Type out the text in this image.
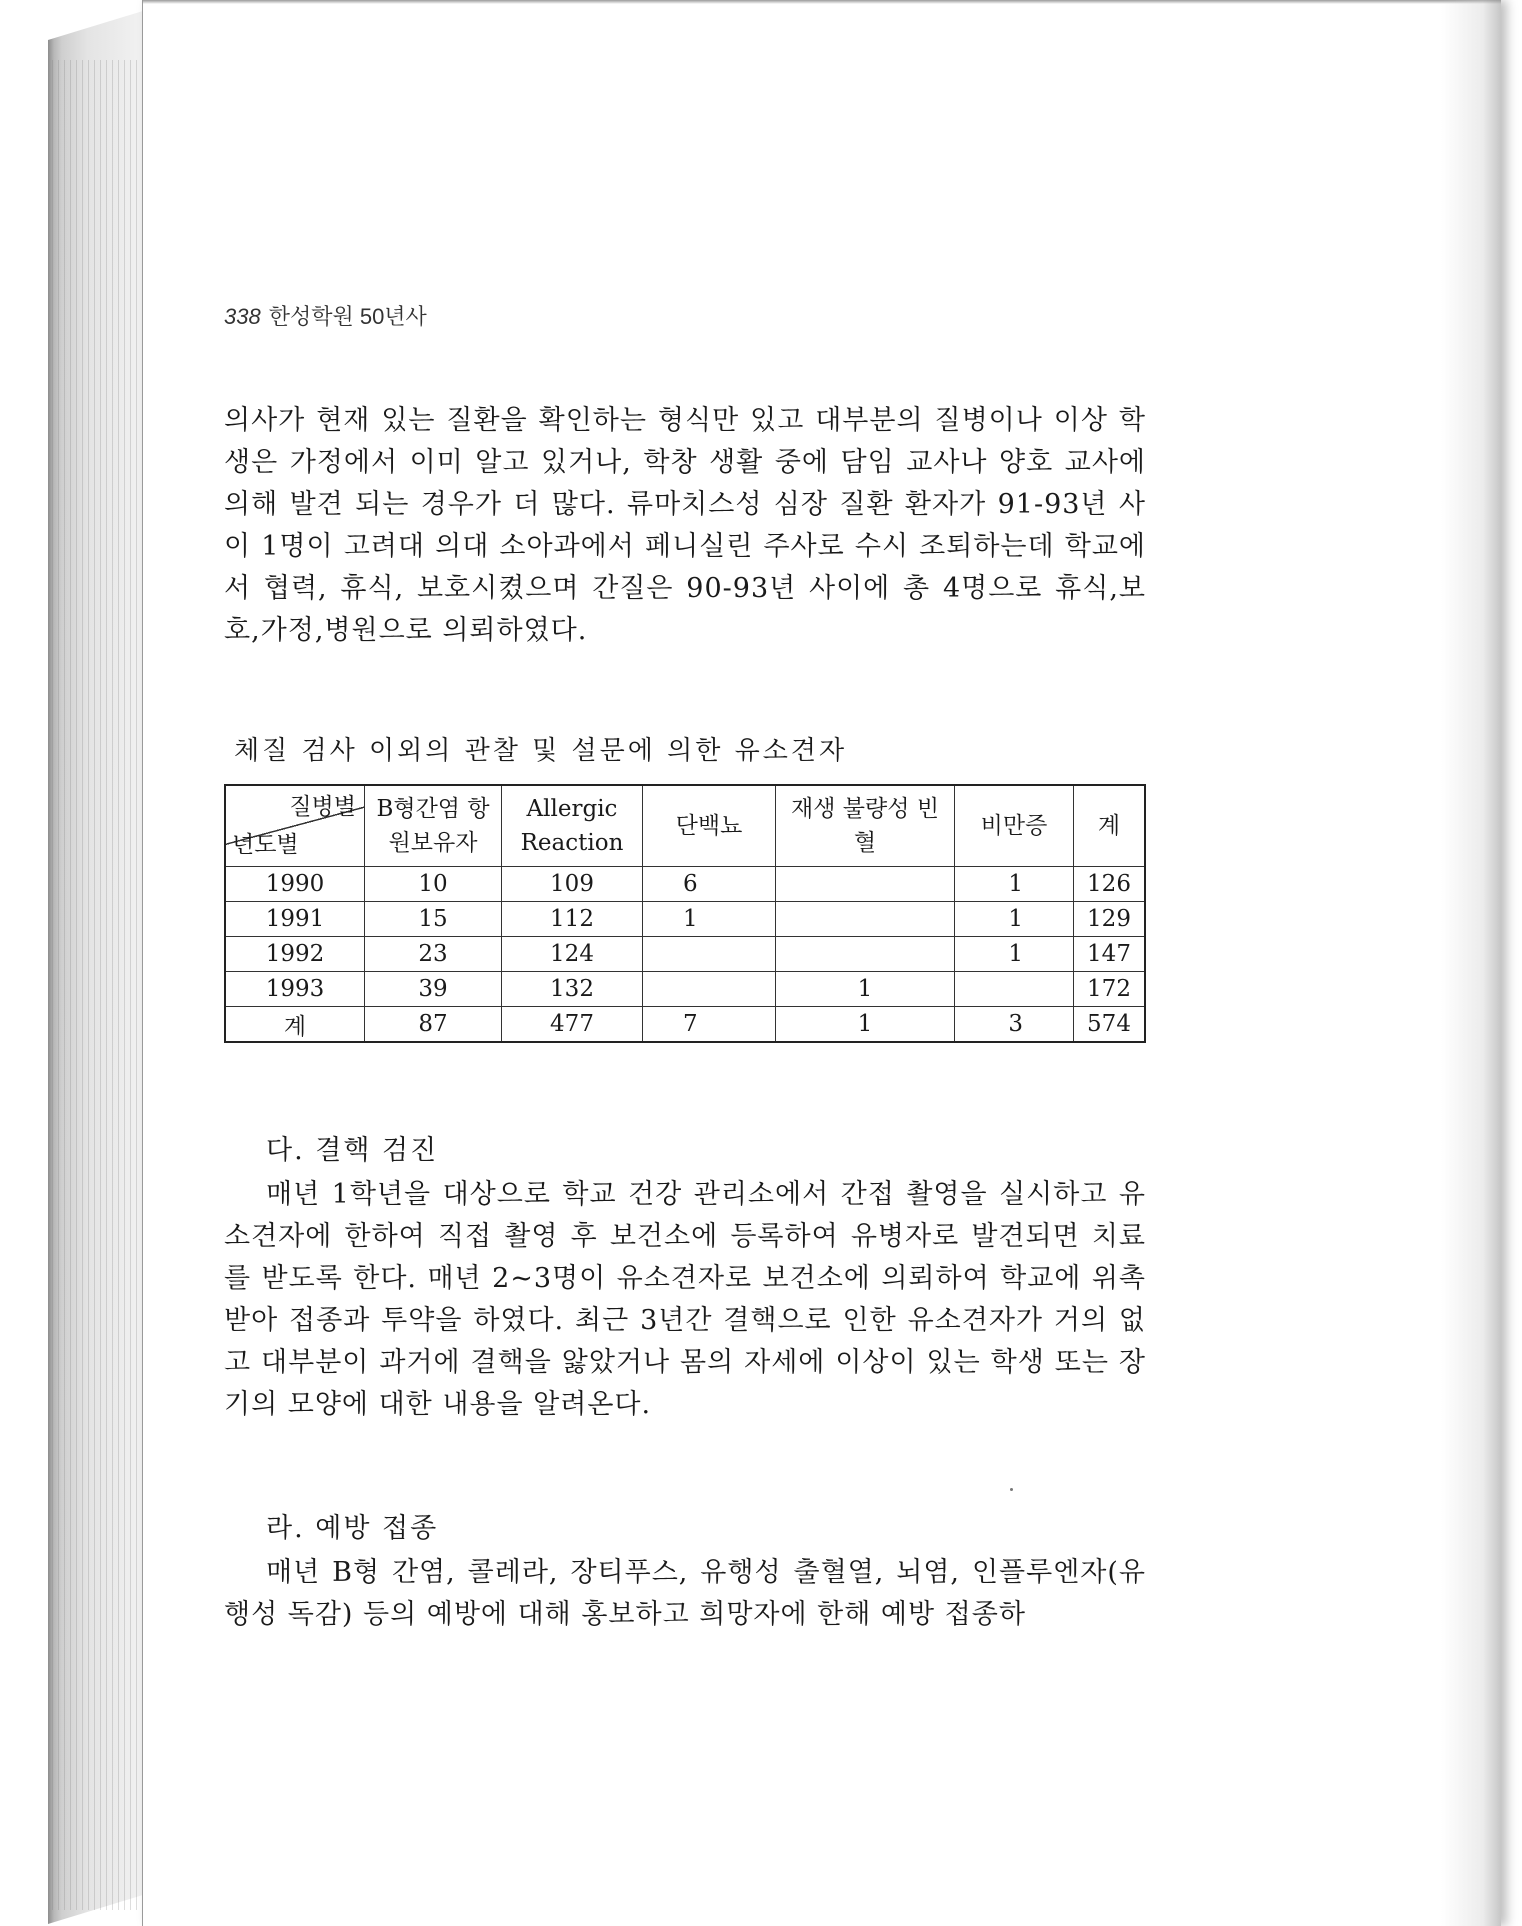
338 한성학원 50년사

의사가 현재 있는 질환을 확인하는 형식만 있고 대부분의 질병이나 이상 학생은 가정에서 이미 알고 있거나, 학창 생활 중에 담임 교사나 양호 교사에 의해 발견 되는 경우가 더 많다. 류마치스성 심장 질환 환자가 91-93년 사이 1명이 고려대 의대 소아과에서 페니실린 주사로 수시 조퇴하는데 학교에서 협력, 휴식, 보호시켰으며 간질은 90-93년 사이에 총 4명으로 휴식,보호,가정,병원으로 의뢰하였다.

체질 검사 이외의 관찰 및 설문에 의한 유소견자
질병별
년도별	B형간염 항원보유자	Allergic Reaction	단백뇨	재생 불량성 빈혈	비만증	계
1990	10	109	6		1	126
1991	15	112	1		1	129
1992	23	124			1	147
1993	39	132		1		172
계	87	477	7	1	3	574

다. 결핵 검진

매년 1학년을 대상으로 학교 건강 관리소에서 간접 촬영을 실시하고 유소견자에 한하여 직접 촬영 후 보건소에 등록하여 유병자로 발견되면 치료를 받도록 한다. 매년 2~3명이 유소견자로 보건소에 의뢰하여 학교에 위촉 받아 접종과 투약을 하였다. 최근 3년간 결핵으로 인한 유소견자가 거의 없고 대부분이 과거에 결핵을 앓았거나 몸의 자세에 이상이 있는 학생 또는 장기의 모양에 대한 내용을 알려온다.

라. 예방 접종

매년 B형 간염, 콜레라, 장티푸스, 유행성 출혈열, 뇌염, 인플루엔자(유행성 독감) 등의 예방에 대해 홍보하고 희망자에 한해 예방 접종하
